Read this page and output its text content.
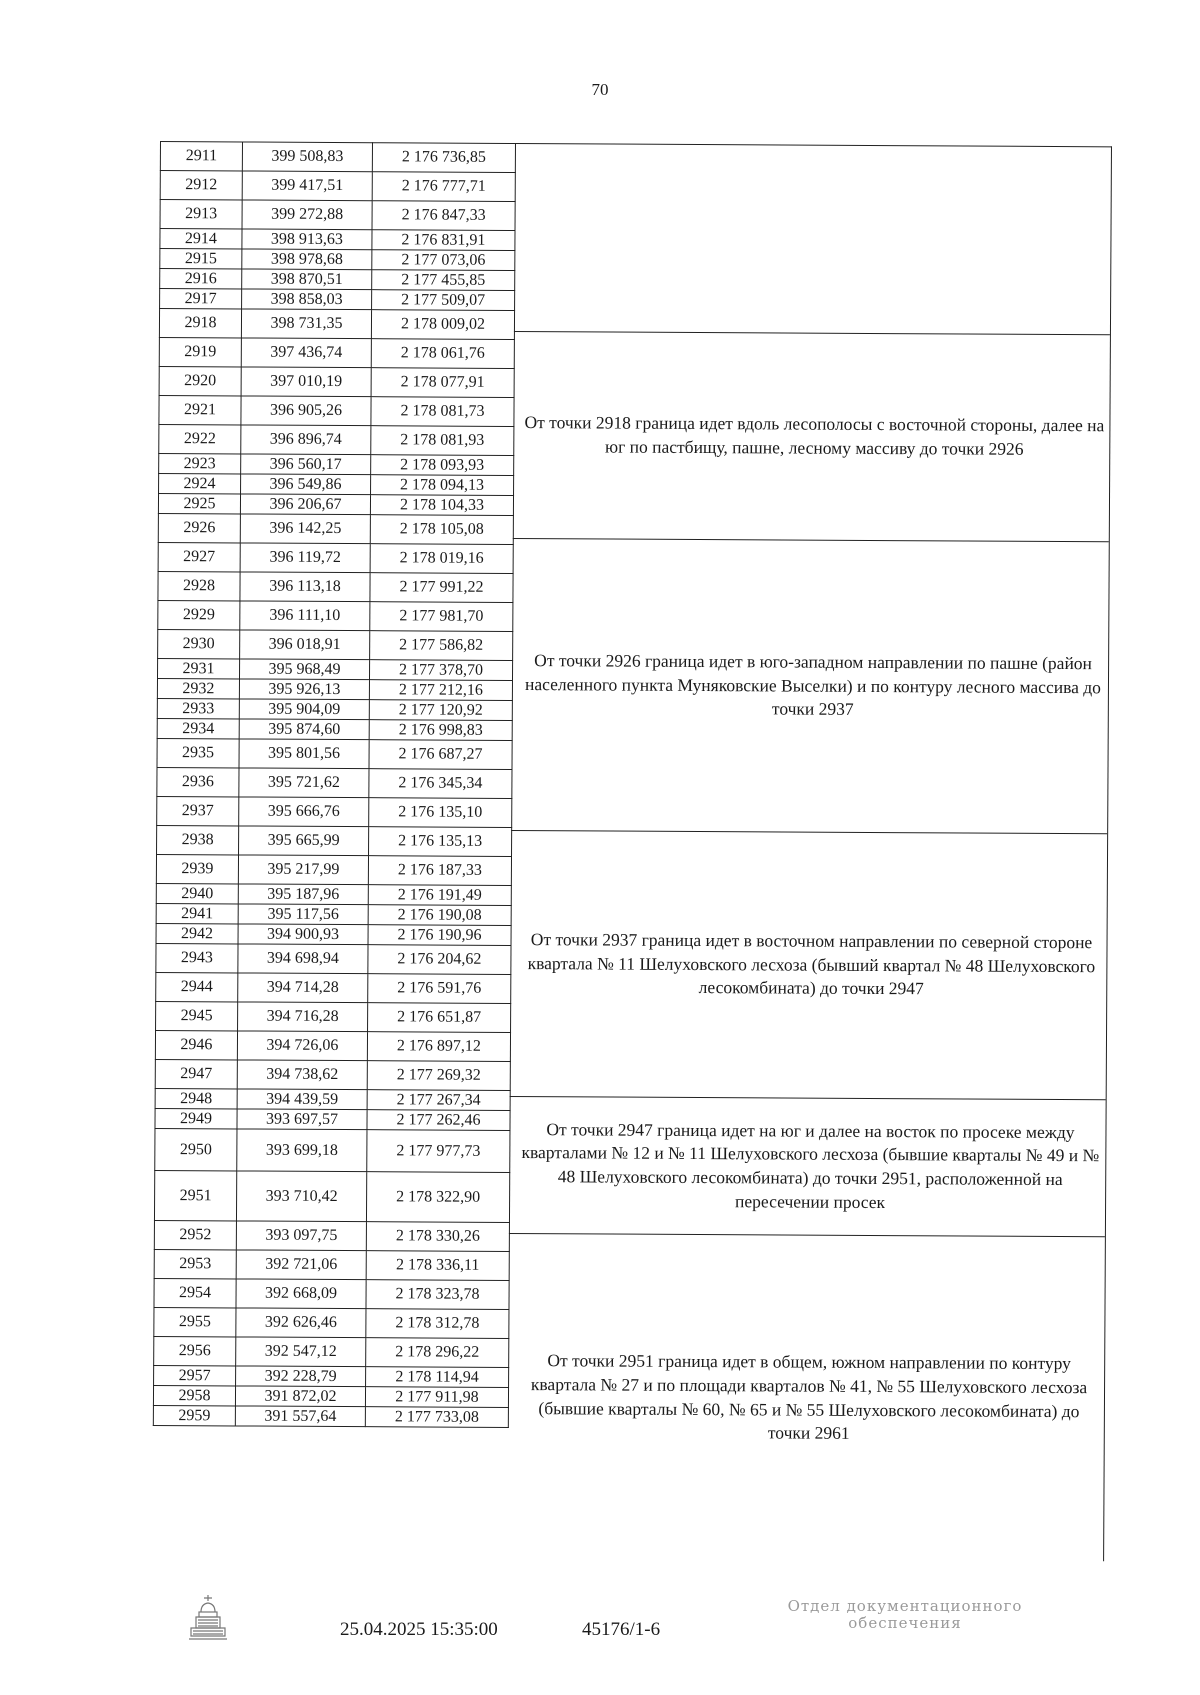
70
2911	399 508,83	2 176 736,85
2912	399 417,51	2 176 777,71
2913	399 272,88	2 176 847,33
2914	398 913,63	2 176 831,91
2915	398 978,68	2 177 073,06
2916	398 870,51	2 177 455,85
2917	398 858,03	2 177 509,07
2918	398 731,35	2 178 009,02
2919	397 436,74	2 178 061,76
2920	397 010,19	2 178 077,91
2921	396 905,26	2 178 081,73
2922	396 896,74	2 178 081,93
2923	396 560,17	2 178 093,93
2924	396 549,86	2 178 094,13
2925	396 206,67	2 178 104,33
2926	396 142,25	2 178 105,08
2927	396 119,72	2 178 019,16
2928	396 113,18	2 177 991,22
2929	396 111,10	2 177 981,70
2930	396 018,91	2 177 586,82
2931	395 968,49	2 177 378,70
2932	395 926,13	2 177 212,16
2933	395 904,09	2 177 120,92
2934	395 874,60	2 176 998,83
2935	395 801,56	2 176 687,27
2936	395 721,62	2 176 345,34
2937	395 666,76	2 176 135,10
2938	395 665,99	2 176 135,13
2939	395 217,99	2 176 187,33
2940	395 187,96	2 176 191,49
2941	395 117,56	2 176 190,08
2942	394 900,93	2 176 190,96
2943	394 698,94	2 176 204,62
2944	394 714,28	2 176 591,76
2945	394 716,28	2 176 651,87
2946	394 726,06	2 176 897,12
2947	394 738,62	2 177 269,32
2948	394 439,59	2 177 267,34
2949	393 697,57	2 177 262,46
2950	393 699,18	2 177 977,73
2951	393 710,42	2 178 322,90
2952	393 097,75	2 178 330,26
2953	392 721,06	2 178 336,11
2954	392 668,09	2 178 323,78
2955	392 626,46	2 178 312,78
2956	392 547,12	2 178 296,22
2957	392 228,79	2 178 114,94
2958	391 872,02	2 177 911,98
2959	391 557,64	2 177 733,08
От точки 2918 граница идет вдоль лесополосы с восточной стороны, далее на юг по пастбищу, пашне, лесному массиву до точки 2926
От точки 2926 граница идет в юго-западном направлении по пашне (район населенного пункта Муняковские Выселки) и по контуру лесного массива до точки 2937
От точки 2937 граница идет в восточном направлении по северной стороне квартала № 11 Шелуховского лесхоза (бывший квартал № 48 Шелуховского лесокомбината) до точки 2947
От точки 2947 граница идет на юг и далее на восток по просеке между кварталами № 12 и № 11 Шелуховского лесхоза (бывшие кварталы № 49 и № 48 Шелуховского лесокомбината) до точки 2951, расположенной на пересечении просек
От точки 2951 граница идет в общем, южном направлении по контуру квартала № 27 и по площади кварталов № 41, № 55 Шелуховского лесхоза (бывшие кварталы № 60, № 65 и № 55 Шелуховского лесокомбината) до точки 2961
25.04.2025 15:35:00	45176/1-6
Отдел документационного обеспечения
